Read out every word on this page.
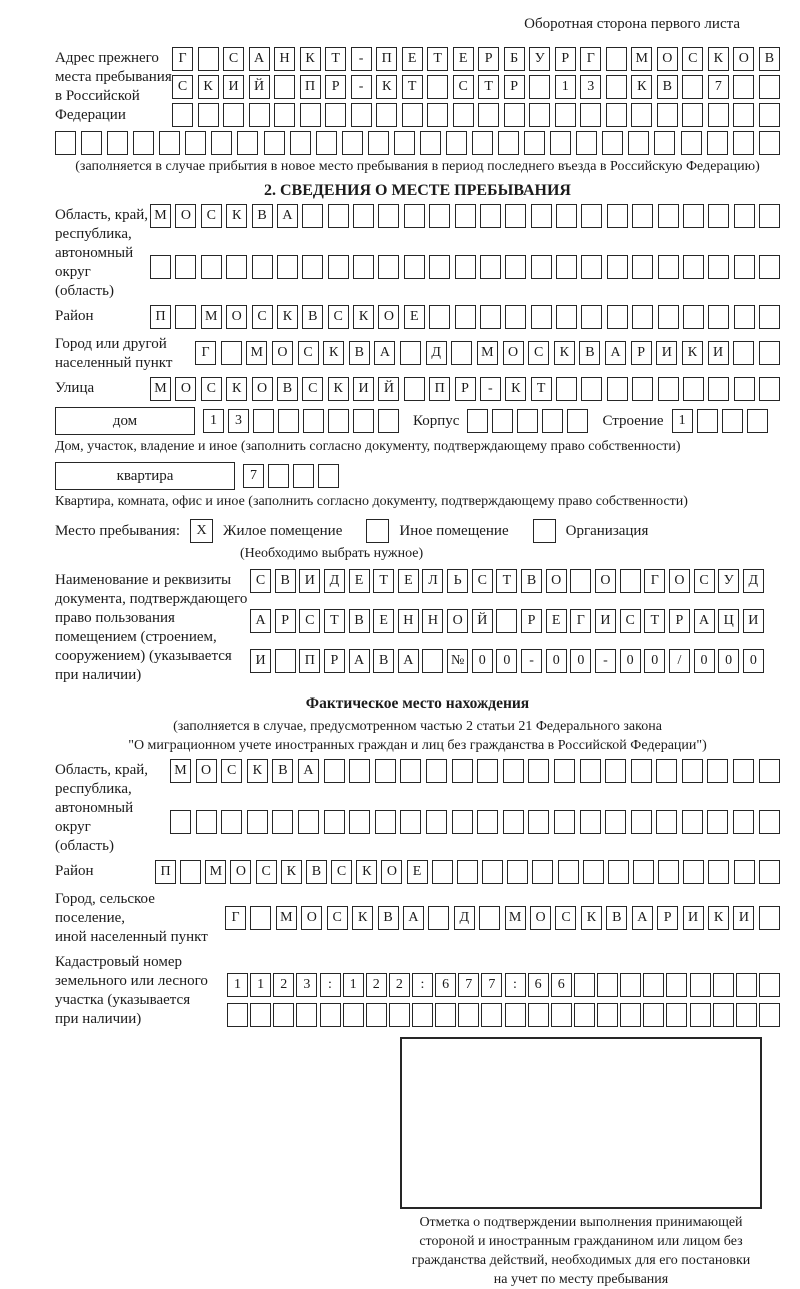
Оборотная сторона первого листа
Адрес прежнего
места пребывания
в Российской
Федерации
Г	С	А	Н	К	Т	-	П	Е	Т	Е	Р	Б	У	Р	Г	М	О	С	К	О	В
С	К	И	Й	П	Р	-	К	Т	С	Т	Р	1	3	К	В	7
(заполняется в случае прибытия в новое место пребывания в период последнего въезда в Российскую Федерацию)
2. СВЕДЕНИЯ О МЕСТЕ ПРЕБЫВАНИЯ
Область, край,
республика,
автономный
округ (область)
М	О	С	К	В	А
Район	П	М	О	С	К	В	С	К	О	Е
Город или другой
населенный пункт
Г	М	О	С	К	В	А	Д	М	О	С	К	В	А	Р	И	К	И
Улица	М	О	С	К	О	В	С	К	И	Й	П	Р	-	К	Т
дом	1	3	Корпус	Строение	1
Дом, участок, владение и иное (заполнить согласно документу, подтверждающему право собственности)
квартира	7
Квартира, комната, офис и иное (заполнить согласно документу, подтверждающему право собственности)
Место пребывания:	X	Жилое помещение	Иное помещение	Организация
(Необходимо выбрать нужное)
Наименование и реквизиты
документа, подтверждающего
право пользования
помещением (строением,
сооружением) (указывается
при наличии)
С	В	И	Д	Е	Т	Е	Л	Ь	С	Т	В	О	О	Г	О	С	У	Д
А	Р	С	Т	В	Е	Н	Н	О	Й	Р	Е	Г	И	С	Т	Р	А	Ц	И
И	П	Р	А	В	А	№	0	0	-	0	0	-	0	0	/	0	0	0
Фактическое место нахождения
(заполняется в случае, предусмотренном частью 2 статьи 21 Федерального закона
"О миграционном учете иностранных граждан и лиц без гражданства в Российской Федерации")
Область, край,
республика,
автономный округ
(область)
М	О	С	К	В	А
Район	П	М О	С	К	В	С	К	О	Е
Город, сельское поселение,
иной населенный пункт
Г	М	О	С	К	В	А	Д	М	О	С	К	В	А	Р	И	К	И
Кадастровый номер
земельного или лесного
участка (указывается
при наличии)
1	1	2	3	:	1	2	2	:	6	7	7	:	6	6
Отметка о подтверждении выполнения принимающей
стороной и иностранным гражданином или лицом без
гражданства действий, необходимых для его постановки
на учет по месту пребывания
